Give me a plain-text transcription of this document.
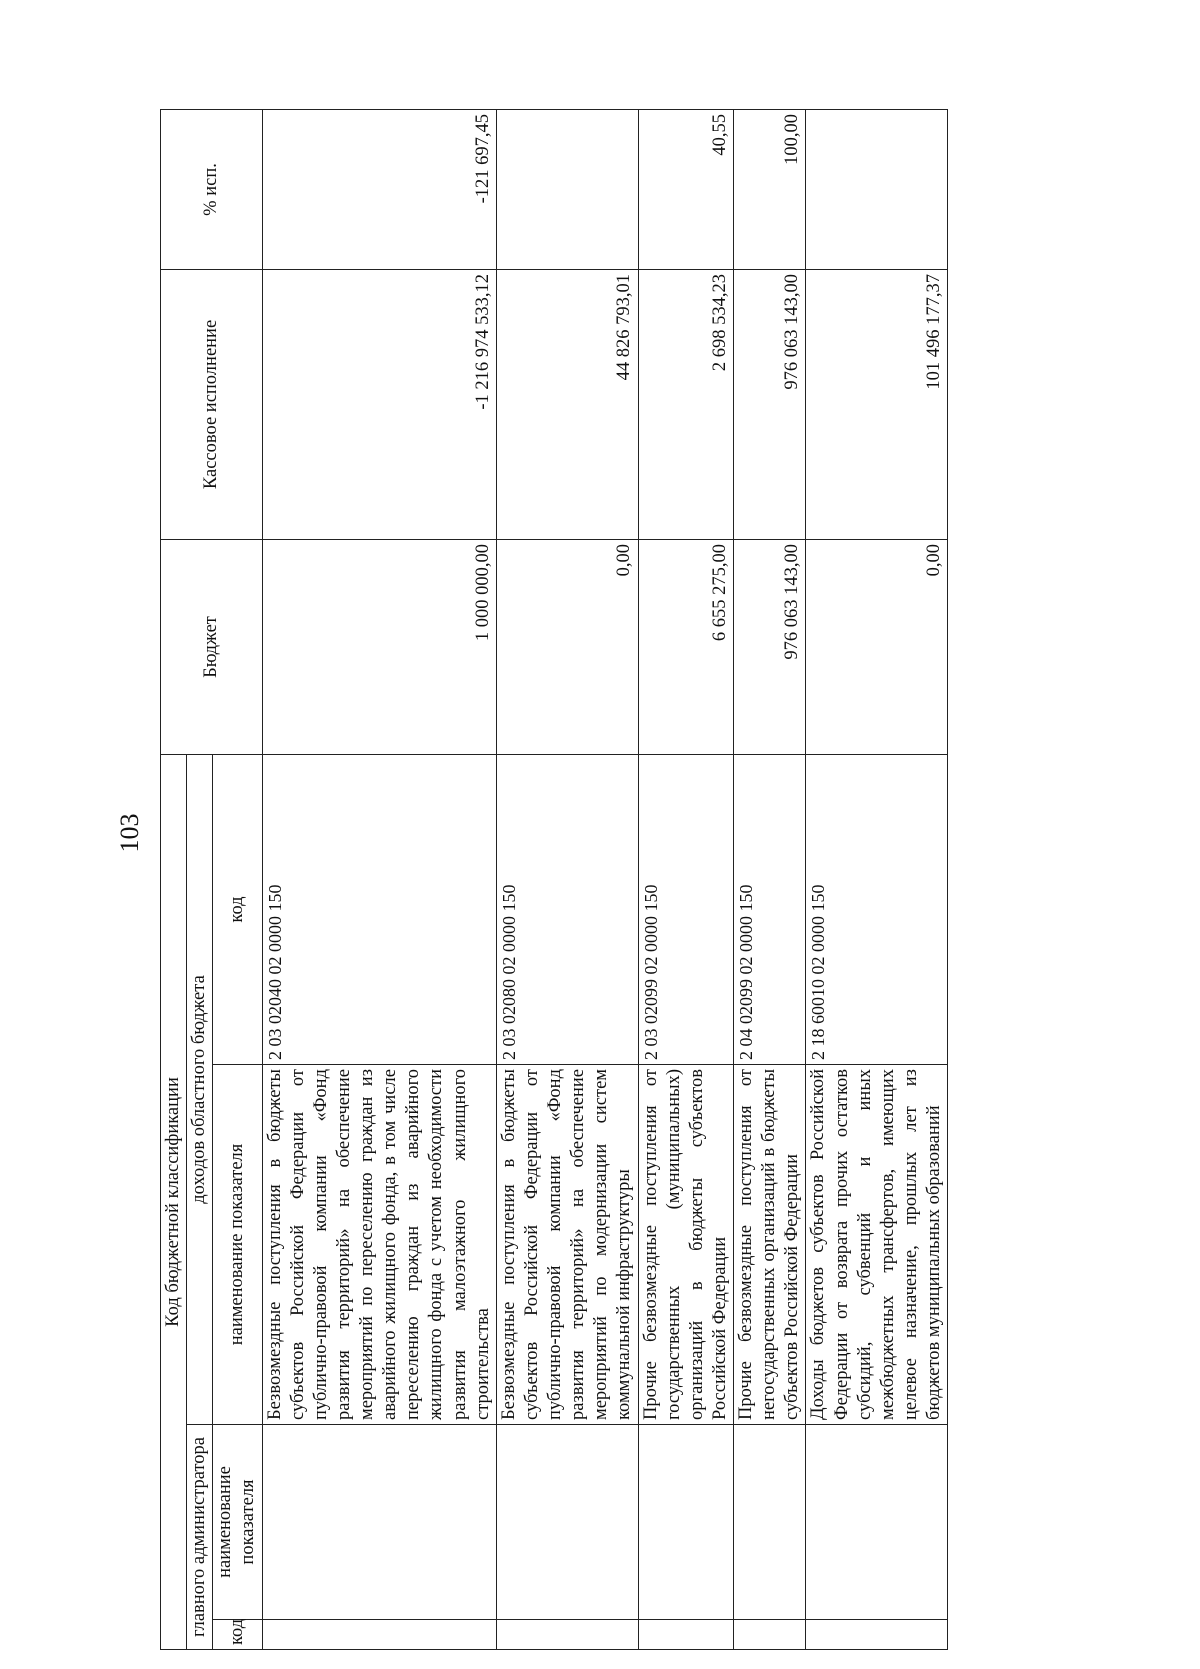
103
Код бюджетной классификации				Бюджет	Кассовое исполнение	% исп.
главного администратора		доходов областного бюджета				
код	наименование показателя	наименование показателя	код			
		Безвозмездные поступления в бюджеты субъектов Российской Федерации от публично-правовой компании «Фонд развития территорий» на обеспечение мероприятий по переселению граждан из аварийного жилищного фонда, в том числе переселению граждан из аварийного жилищного фонда с учетом необходимости развития малоэтажного жилищного строительства	2 03 02040 02 0000 150	1 000 000,00	-1 216 974 533,12	-121 697,45
		Безвозмездные поступления в бюджеты субъектов Российской Федерации от публично-правовой компании «Фонд развития территорий» на обеспечение мероприятий по модернизации систем коммунальной инфраструктуры	2 03 02080 02 0000 150	0,00	44 826 793,01	
		Прочие безвозмездные поступления от государственных (муниципальных) организаций в бюджеты субъектов Российской Федерации	2 03 02099 02 0000 150	6 655 275,00	2 698 534,23	40,55
		Прочие безвозмездные поступления от негосударственных организаций в бюджеты субъектов Российской Федерации	2 04 02099 02 0000 150	976 063 143,00	976 063 143,00	100,00
		Доходы бюджетов субъектов Российской Федерации от возврата прочих остатков субсидий, субвенций и иных межбюджетных трансфертов, имеющих целевое назначение, прошлых лет из бюджетов муниципальных образований	2 18 60010 02 0000 150	0,00	101 496 177,37	
